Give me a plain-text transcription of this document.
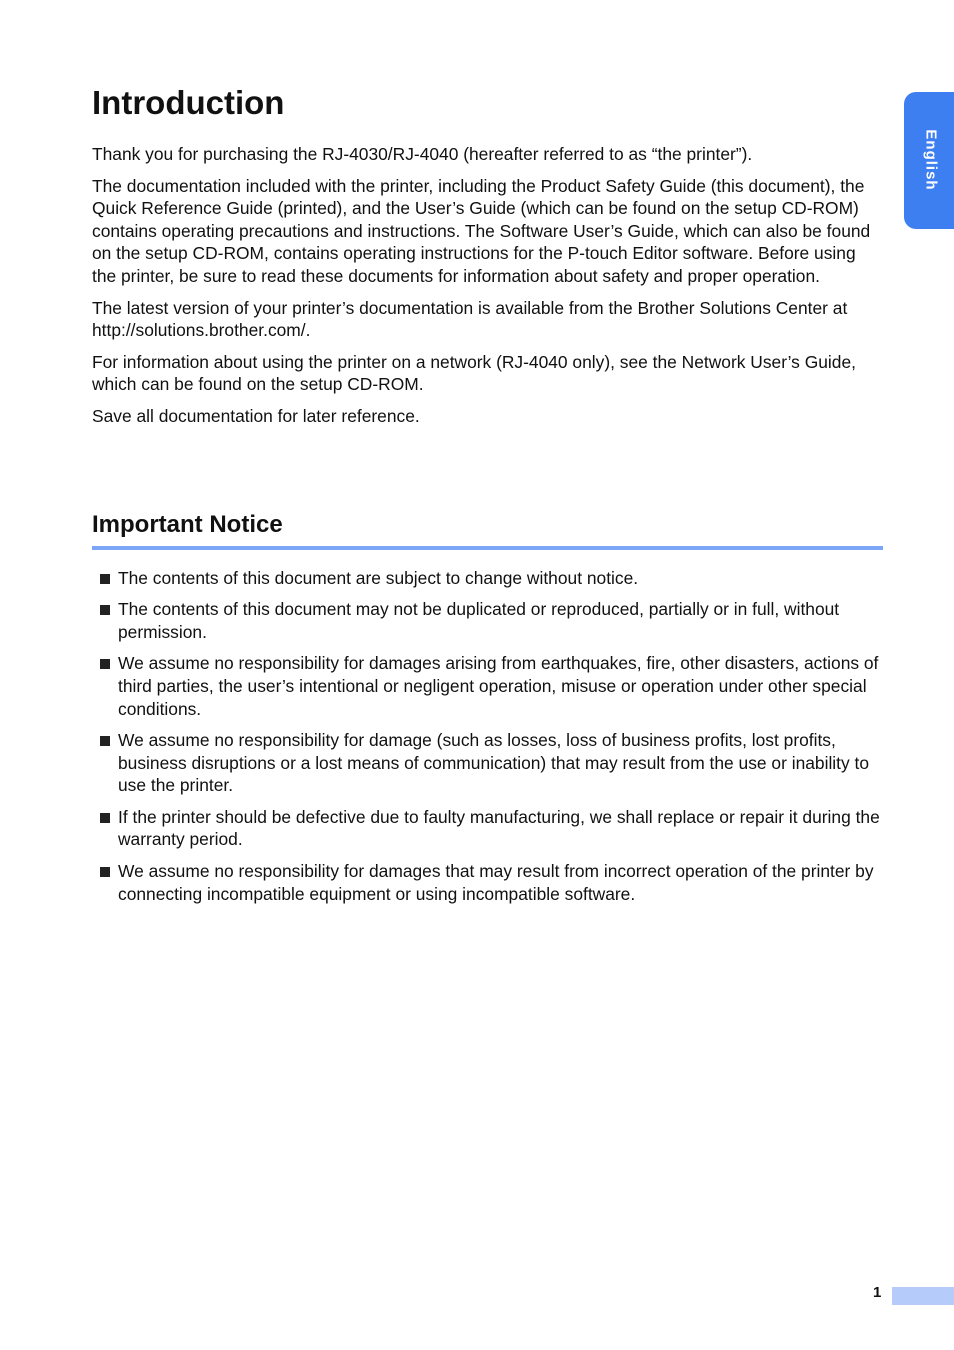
English
Introduction

Thank you for purchasing the RJ-4030/RJ-4040 (hereafter referred to as “the printer”).

The documentation included with the printer, including the Product Safety Guide (this document), the Quick Reference Guide (printed), and the User’s Guide (which can be found on the setup CD-ROM) contains operating precautions and instructions. The Software User’s Guide, which can also be found on the setup CD-ROM, contains operating instructions for the P-touch Editor software. Before using the printer, be sure to read these documents for information about safety and proper operation.

The latest version of your printer’s documentation is available from the Brother Solutions Center at http://solutions.brother.com/.

For information about using the printer on a network (RJ-4040 only), see the Network User’s Guide, which can be found on the setup CD-ROM.

Save all documentation for later reference.

Important Notice
The contents of this document are subject to change without notice.
The contents of this document may not be duplicated or reproduced, partially or in full, without permission.
We assume no responsibility for damages arising from earthquakes, fire, other disasters, actions of third parties, the user’s intentional or negligent operation, misuse or operation under other special conditions.
We assume no responsibility for damage (such as losses, loss of business profits, lost profits, business disruptions or a lost means of communication) that may result from the use or inability to use the printer.
If the printer should be defective due to faulty manufacturing, we shall replace or repair it during the warranty period.
We assume no responsibility for damages that may result from incorrect operation of the printer by connecting incompatible equipment or using incompatible software.
1
